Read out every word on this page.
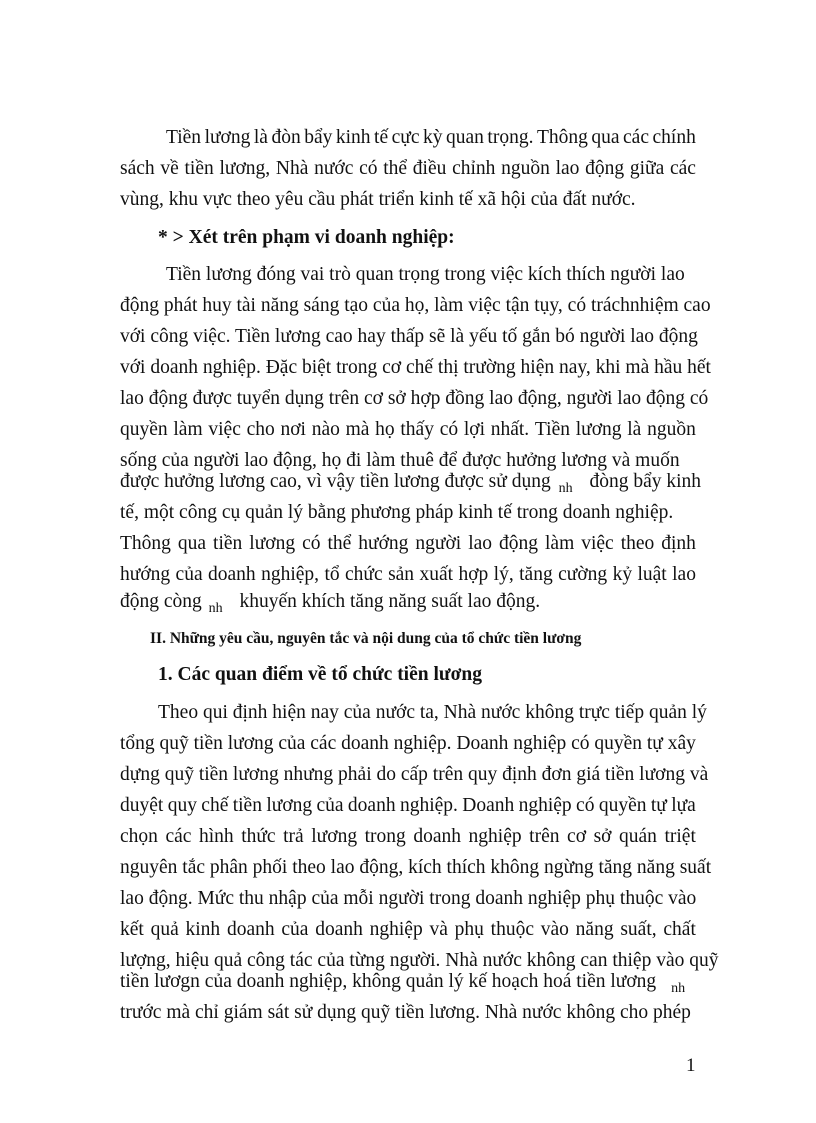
Tiền lương là đòn bẩy kinh tế cực kỳ quan trọng. Thông qua các chính
sách về tiền lương, Nhà nước có thể điều chỉnh nguồn lao động giữa các
vùng, khu vực theo yêu cầu phát triển kinh tế xã hội của đất nước.
* > Xét trên phạm vi doanh nghiệp:
Tiền lương đóng vai trò quan trọng trong việc kích thích người lao
động phát huy tài năng sáng tạo của họ, làm việc tận tụy, có tráchnhiệm cao
với công việc. Tiền lương cao hay thấp sẽ là yếu tố gắn bó người lao động
với doanh nghiệp. Đặc biệt trong cơ chế thị trường hiện nay, khi mà hầu hết
lao động được tuyển dụng trên cơ sở hợp đồng lao động, người lao động có
quyền làm việc cho nơi nào mà họ thấy có lợi nhất. Tiền lương là nguồn
sống của người lao động, họ đi làm thuê để được hưởng lương và muốn
được hưởng lương cao, vì vậy tiền lương được sử dụng $_{nh}$ đòng bẩy kinh
tế, một công cụ quản lý bằng phương pháp kinh tế trong doanh nghiệp.
Thông qua tiền lương có thể hướng người lao động làm việc theo định
hướng của doanh nghiệp, tổ chức sản xuất hợp lý, tăng cường kỷ luật lao
động còng $_{nh}$ khuyến khích tăng năng suất lao động.
II. Những yêu cầu, nguyên tắc và nội dung của tổ chức tiền lương
1. Các quan điểm về tổ chức tiền lương
Theo qui định hiện nay của nước ta, Nhà nước không trực tiếp quản lý
tổng quỹ tiền lương của các doanh nghiệp. Doanh nghiệp có quyền tự xây
dựng quỹ tiền lương nhưng phải do cấp trên quy định đơn giá tiền lương và
duyệt quy chế tiền lương của doanh nghiệp. Doanh nghiệp có quyền tự lựa
chọn các hình thức trả lương trong doanh nghiệp trên cơ sở quán triệt
nguyên tắc phân phối theo lao động, kích thích không ngừng tăng năng suất
lao động. Mức thu nhập của mỗi người trong doanh nghiệp phụ thuộc vào
kết quả kinh doanh của doanh nghiệp và phụ thuộc vào năng suất, chất
lượng, hiệu quả công tác của từng người. Nhà nước không can thiệp vào quỹ
tiền lươgn của doanh nghiệp, không quản lý kế hoạch hoá tiền lương $_{nh}$
trước mà chỉ giám sát sử dụng quỹ tiền lương. Nhà nước không cho phép
1
